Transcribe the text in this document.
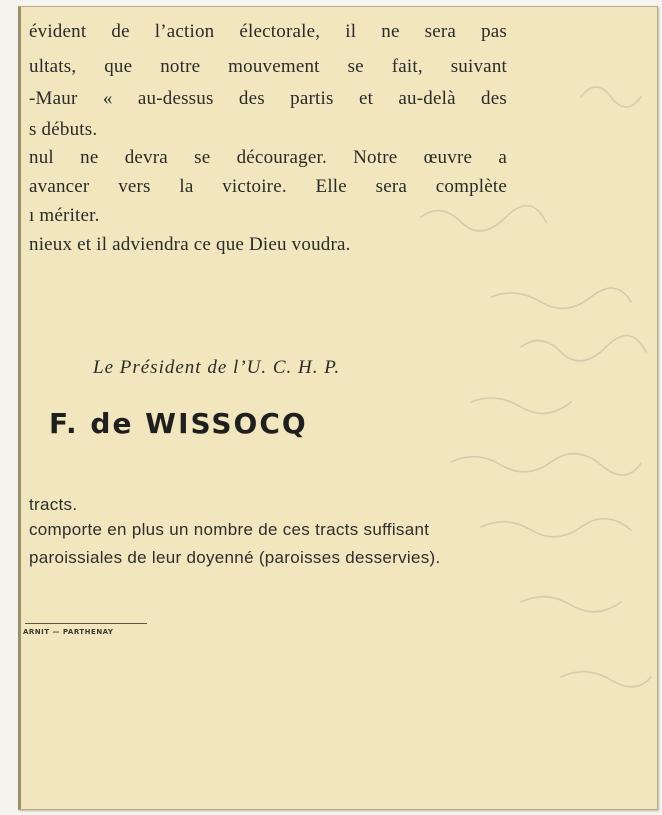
évident de l’action électorale, il ne sera pas
ultats, que notre mouvement se fait, suivant
-Maur « au-dessus des partis et au-delà des
s débuts.
nul ne devra se décourager. Notre œuvre a
avancer vers la victoire. Elle sera complète
ı mériter.
nieux et il adviendra ce que Dieu voudra.
Le Président de l’U. C. H. P.
F. de WISSOCQ
tracts.
comporte en plus un nombre de ces tracts suffisant
paroissiales de leur doyenné (paroisses desservies).
ARNIT — PARTHENAY
